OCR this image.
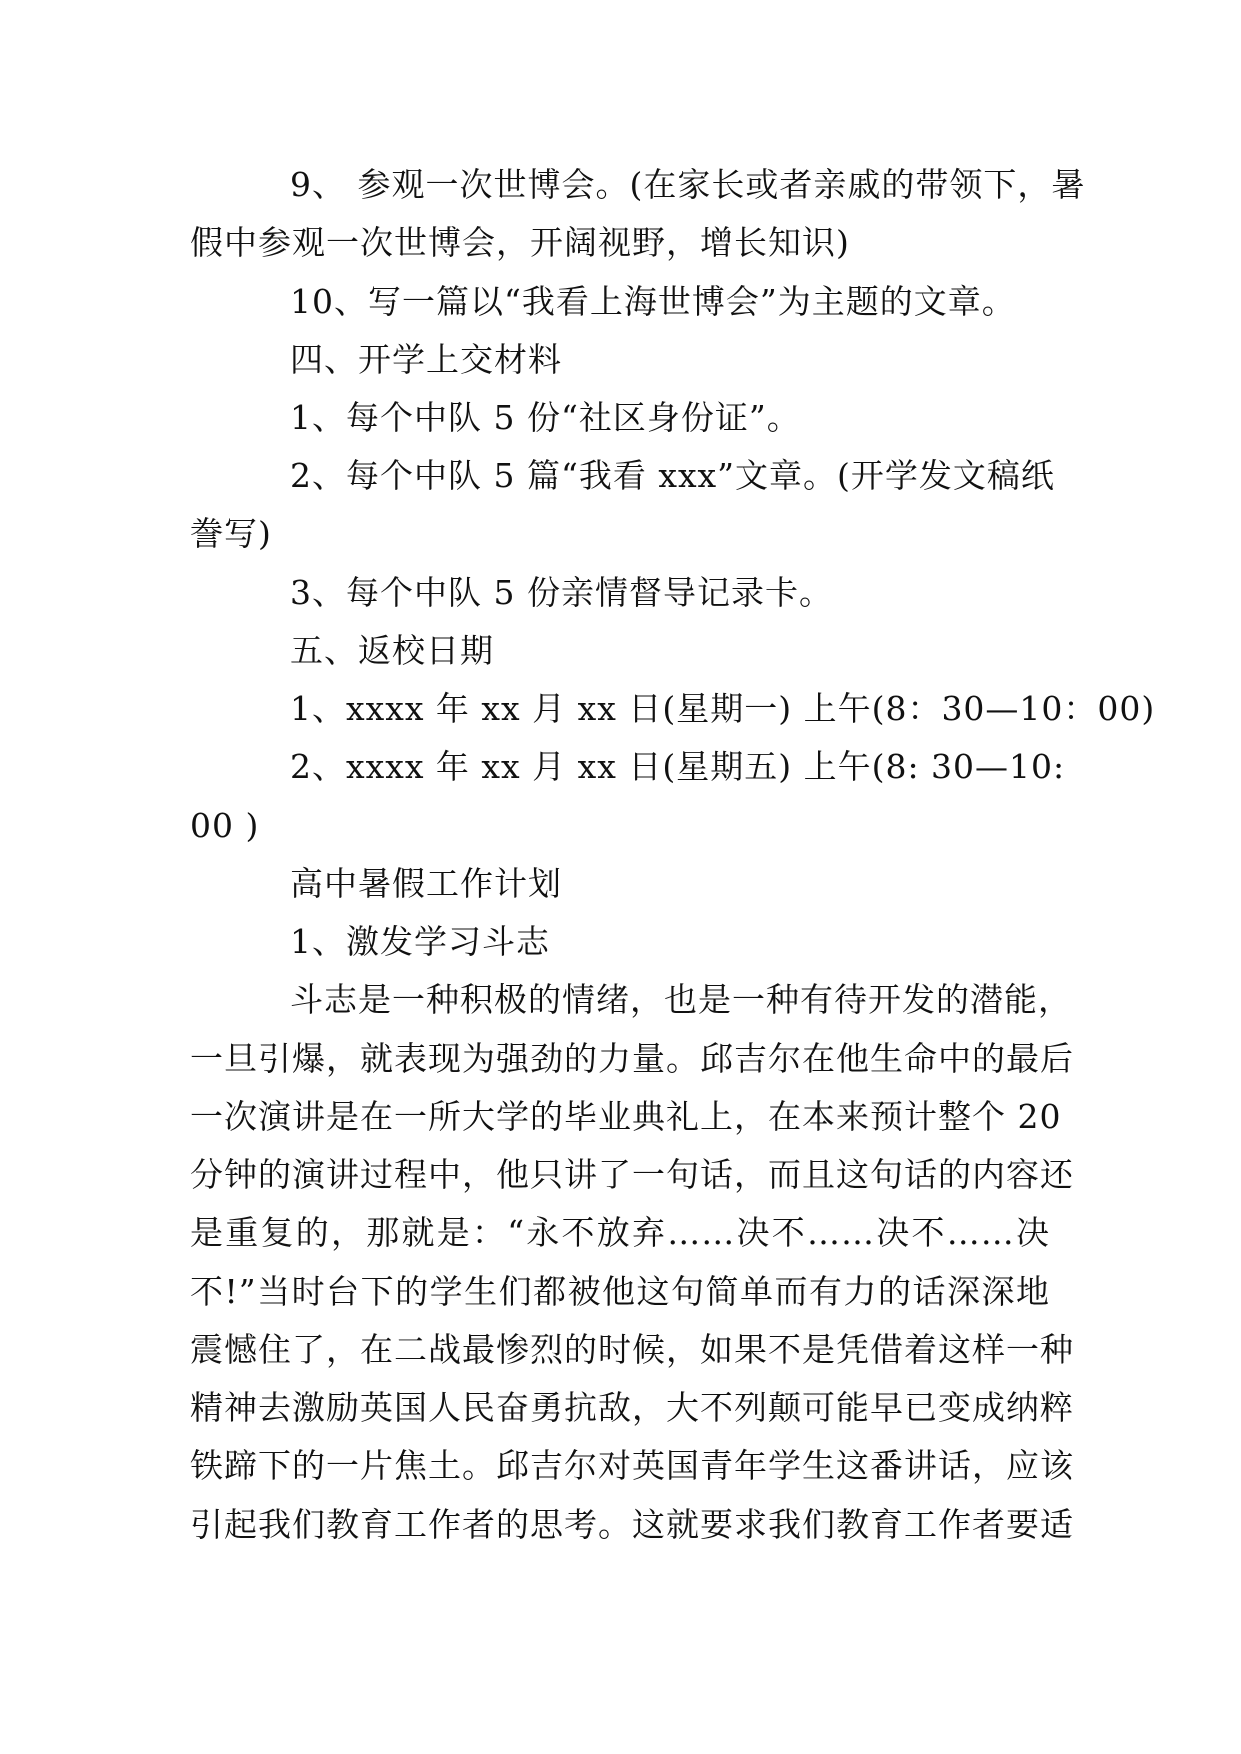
9、 参观一次世博会。(在家长或者亲戚的带领下，暑
假中参观一次世博会，开阔视野，增长知识)
10、写一篇以“我看上海世博会”为主题的文章。
四、开学上交材料
1、每个中队 5 份“社区身份证”。
2、每个中队 5 篇“我看 xxx”文章。(开学发文稿纸
誊写)
3、每个中队 5 份亲情督导记录卡。
五、返校日期
1、xxxx 年 xx 月 xx 日(星期一) 上午(8：30—10：00)
2、xxxx 年 xx 月 xx 日(星期五) 上午(8: 30—10:
00 )
高中暑假工作计划
1、激发学习斗志
斗志是一种积极的情绪，也是一种有待开发的潜能，
一旦引爆，就表现为强劲的力量。邱吉尔在他生命中的最后
一次演讲是在一所大学的毕业典礼上，在本来预计整个 20
分钟的演讲过程中，他只讲了一句话，而且这句话的内容还
是重复的，那就是：“永不放弃……决不……决不……决
不!”当时台下的学生们都被他这句简单而有力的话深深地
震憾住了，在二战最惨烈的时候，如果不是凭借着这样一种
精神去激励英国人民奋勇抗敌，大不列颠可能早已变成纳粹
铁蹄下的一片焦土。邱吉尔对英国青年学生这番讲话，应该
引起我们教育工作者的思考。这就要求我们教育工作者要适
